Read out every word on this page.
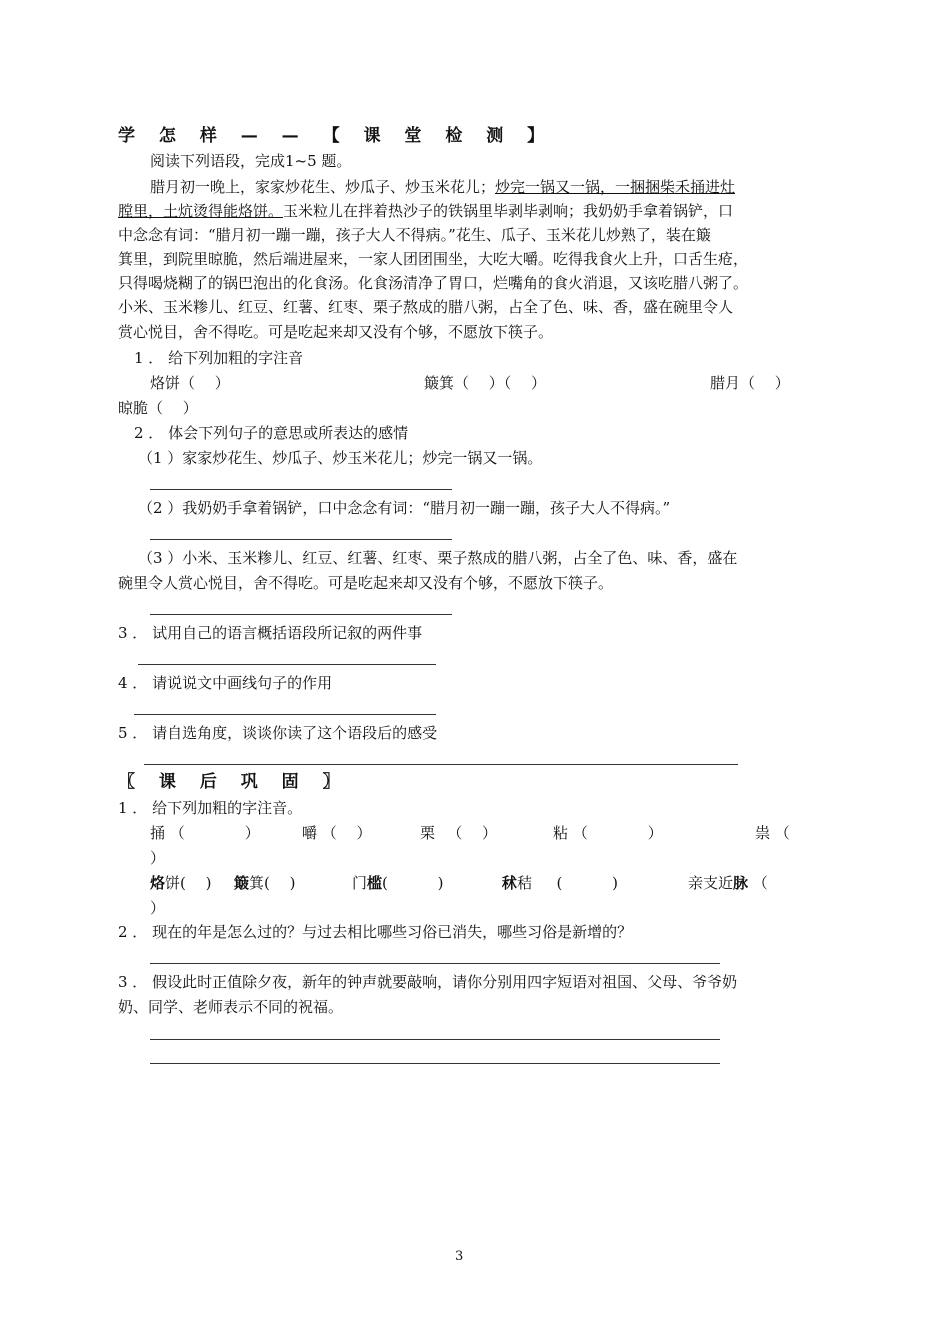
学 怎 样 — — 【 课 堂 检 测 】
阅读下列语段，完成1~5 题。
腊月初一晚上，家家炒花生、炒瓜子、炒玉米花儿；炒完一锅又一锅，一捆捆柴禾捅进灶
膛里，土炕烫得能烙饼。玉米粒儿在拌着热沙子的铁锅里毕剥毕剥响；我奶奶手拿着锅铲，口
中念念有词：“腊月初一蹦一蹦，孩子大人不得病。”花生、瓜子、玉米花儿炒熟了，装在簸
箕里，到院里晾脆，然后端进屋来，一家人团团围坐，大吃大嚼。吃得我食火上升，口舌生疮，
只得喝烧糊了的锅巴泡出的化食汤。化食汤清净了胃口，烂嘴角的食火消退，又该吃腊八粥了。
小米、玉米糁儿、红豆、红薯、红枣、栗子熬成的腊八粥，占全了色、味、香，盛在碗里令人
赏心悦目，舍不得吃。可是吃起来却又没有个够，不愿放下筷子。
1 ． 给下列加粗的字注音
烙饼（　 ）	簸箕（　 ）（　 ）	腊月（　 ）
晾脆（　 ）
2 ． 体会下列句子的意思或所表达的感情
（1 ）家家炒花生、炒瓜子、炒玉米花儿；炒完一锅又一锅。
（2 ）我奶奶手拿着锅铲，口中念念有词：“腊月初一蹦一蹦，孩子大人不得病。”
（3 ）小米、玉米糁儿、红豆、红薯、红枣、栗子熬成的腊八粥，占全了色、味、香，盛在
碗里令人赏心悦目，舍不得吃。可是吃起来却又没有个够，不愿放下筷子。
3 ． 试用自己的语言概括语段所记叙的两件事
4 ． 请说说文中画线句子的作用
5 ． 请自选角度，谈谈你读了这个语段后的感受
〖 课 后 巩 固 〗
1 ． 给下列加粗的字注音。
捅 （　　　　）	嚼 （　 ）	栗 　（　 ）	粘 （　　　　）	祟 （
）
烙饼(　 ) 簸箕(　 )	门槛(　　　 )	秫秸 　 (　　　 )	亲支近脉 （
）
2 ． 现在的年是怎么过的？与过去相比哪些习俗已消失，哪些习俗是新增的？
3 ． 假设此时正值除夕夜，新年的钟声就要敲响，请你分别用四字短语对祖国、父母、爷爷奶
奶、同学、老师表示不同的祝福。
3
